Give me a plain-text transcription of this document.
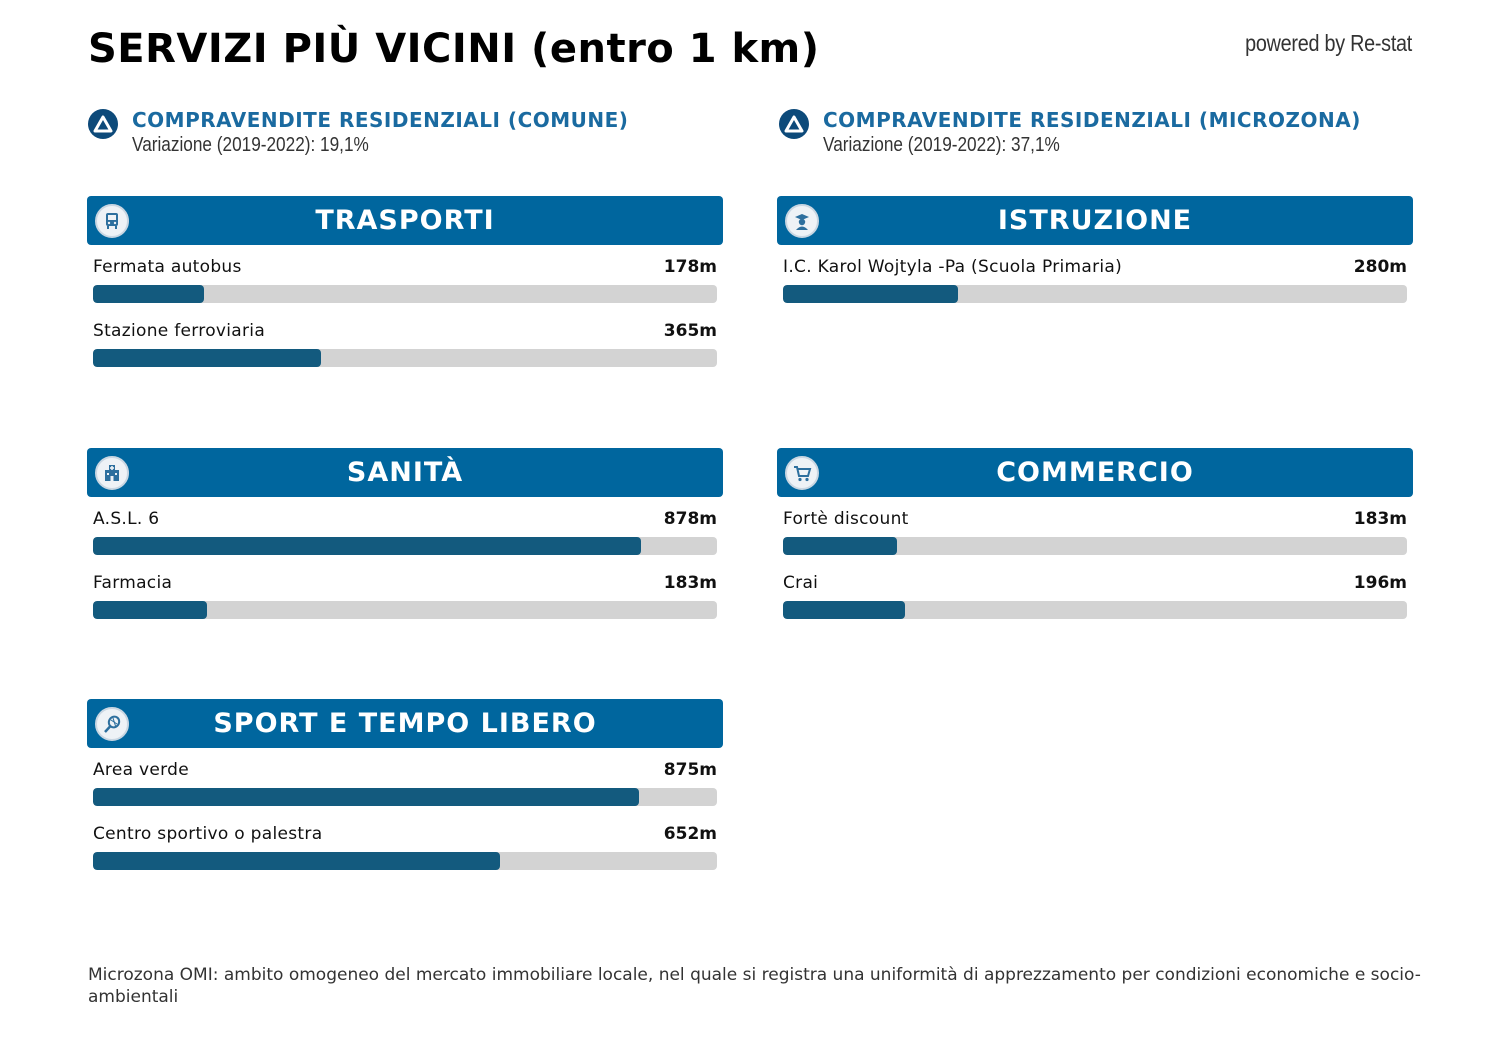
SERVIZI PIÙ VICINI (entro 1 km)	powered by Re-stat
COMPRAVENDITE RESIDENZIALI (COMUNE)
Variazione (2019-2022): 19,1%
COMPRAVENDITE RESIDENZIALI (MICROZONA)
Variazione (2019-2022): 37,1%
TRASPORTI
Fermata autobus	178m
Stazione ferroviaria	365m
ISTRUZIONE
I.C. Karol Wojtyla -Pa (Scuola Primaria)	280m
SANITÀ
A.S.L. 6	878m
Farmacia	183m
COMMERCIO
Fortè discount	183m
Crai	196m
SPORT E TEMPO LIBERO
Area verde	875m
Centro sportivo o palestra	652m
Microzona OMI: ambito omogeneo del mercato immobiliare locale, nel quale si registra una uniformità di apprezzamento per condizioni economiche e socio-ambientali
